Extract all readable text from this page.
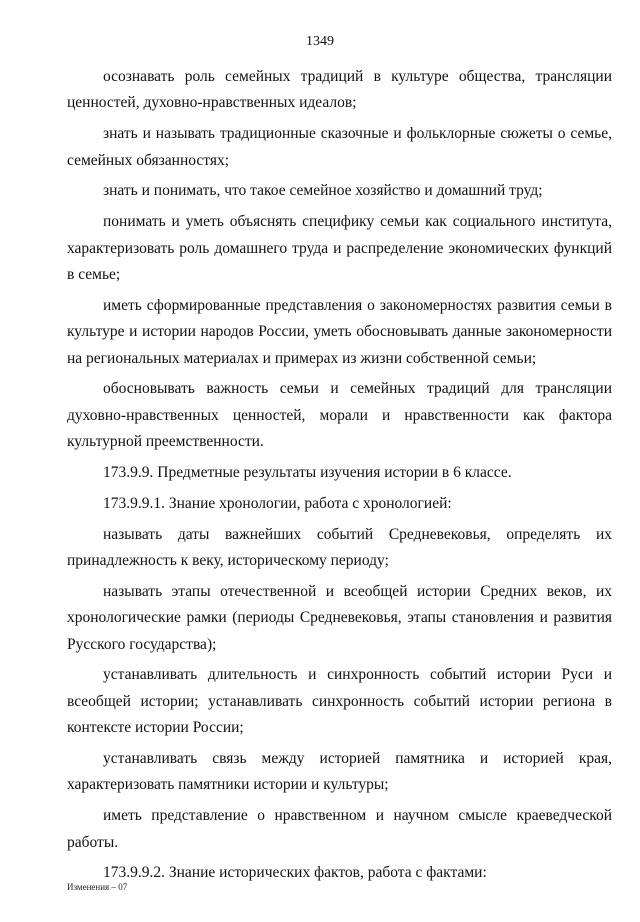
1349

осознавать роль семейных традиций в культуре общества, трансляции ценностей, духовно-нравственных идеалов;

знать и называть традиционные сказочные и фольклорные сюжеты о семье, семейных обязанностях;

знать и понимать, что такое семейное хозяйство и домашний труд;

понимать и уметь объяснять специфику семьи как социального института, характеризовать роль домашнего труда и распределение экономических функций в семье;

иметь сформированные представления о закономерностях развития семьи в культуре и истории народов России, уметь обосновывать данные закономерности на региональных материалах и примерах из жизни собственной семьи;

обосновывать важность семьи и семейных традиций для трансляции духовно-нравственных ценностей, морали и нравственности как фактора культурной преемственности.

173.9.9. Предметные результаты изучения истории в 6 классе.

173.9.9.1. Знание хронологии, работа с хронологией:

называть даты важнейших событий Средневековья, определять их принадлежность к веку, историческому периоду;

называть этапы отечественной и всеобщей истории Средних веков, их хронологические рамки (периоды Средневековья, этапы становления и развития Русского государства);

устанавливать длительность и синхронность событий истории Руси и всеобщей истории; устанавливать синхронность событий истории региона в контексте истории России;

устанавливать связь между историей памятника и историей края, характеризовать памятники истории и культуры;

иметь представление о нравственном и научном смысле краеведческой работы.

173.9.9.2. Знание исторических фактов, работа с фактами:

Изменения – 07
